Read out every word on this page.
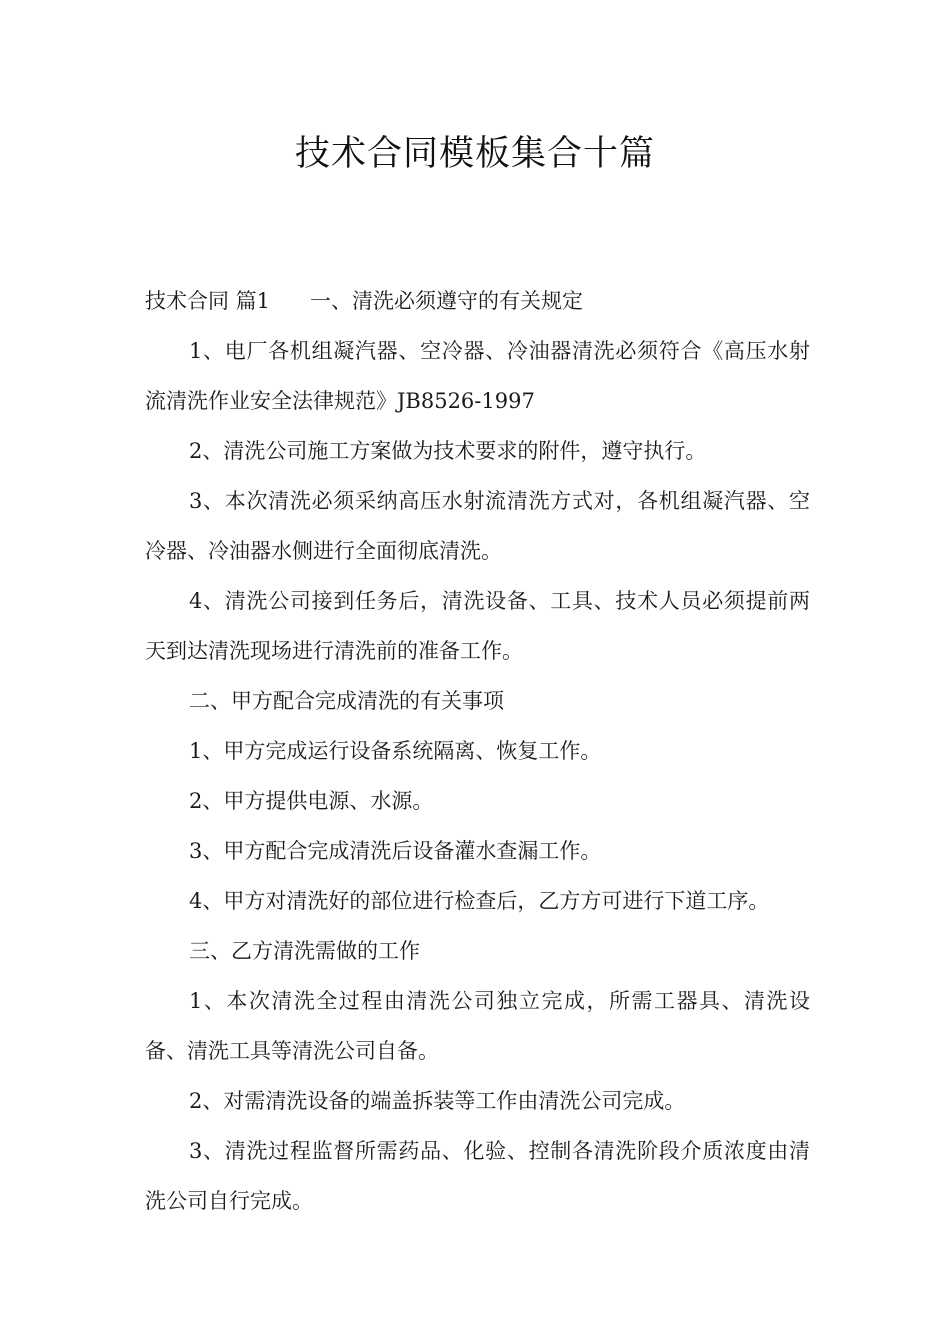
技术合同模板集合十篇

技术合同 篇1 一、清洗必须遵守的有关规定

1、电厂各机组凝汽器、空冷器、冷油器清洗必须符合《高压水射流清洗作业安全法律规范》JB8526-1997

2、清洗公司施工方案做为技术要求的附件，遵守执行。

3、本次清洗必须采纳高压水射流清洗方式对，各机组凝汽器、空冷器、冷油器水侧进行全面彻底清洗。

4、清洗公司接到任务后，清洗设备、工具、技术人员必须提前两天到达清洗现场进行清洗前的准备工作。

二、甲方配合完成清洗的有关事项

1、甲方完成运行设备系统隔离、恢复工作。

2、甲方提供电源、水源。

3、甲方配合完成清洗后设备灌水查漏工作。

4、甲方对清洗好的部位进行检查后，乙方方可进行下道工序。

三、乙方清洗需做的工作

1、本次清洗全过程由清洗公司独立完成，所需工器具、清洗设备、清洗工具等清洗公司自备。

2、对需清洗设备的端盖拆装等工作由清洗公司完成。

3、清洗过程监督所需药品、化验、控制各清洗阶段介质浓度由清洗公司自行完成。
